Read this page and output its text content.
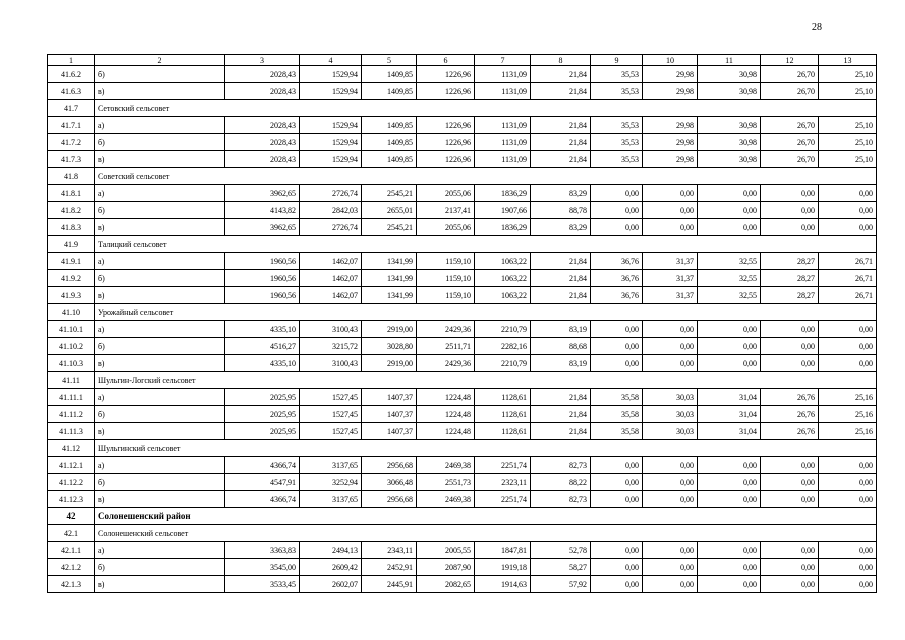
28
1	2	3	4	5	6	7	8	9	10	11	12	13
41.6.2	б)	2028,43	1529,94	1409,85	1226,96	1131,09	21,84	35,53	29,98	30,98	26,70	25,10
41.6.3	в)	2028,43	1529,94	1409,85	1226,96	1131,09	21,84	35,53	29,98	30,98	26,70	25,10
41.7	Сетовский сельсовет											
41.7.1	а)	2028,43	1529,94	1409,85	1226,96	1131,09	21,84	35,53	29,98	30,98	26,70	25,10
41.7.2	б)	2028,43	1529,94	1409,85	1226,96	1131,09	21,84	35,53	29,98	30,98	26,70	25,10
41.7.3	в)	2028,43	1529,94	1409,85	1226,96	1131,09	21,84	35,53	29,98	30,98	26,70	25,10
41.8	Советский сельсовет											
41.8.1	а)	3962,65	2726,74	2545,21	2055,06	1836,29	83,29	0,00	0,00	0,00	0,00	0,00
41.8.2	б)	4143,82	2842,03	2655,01	2137,41	1907,66	88,78	0,00	0,00	0,00	0,00	0,00
41.8.3	в)	3962,65	2726,74	2545,21	2055,06	1836,29	83,29	0,00	0,00	0,00	0,00	0,00
41.9	Талицкий сельсовет											
41.9.1	а)	1960,56	1462,07	1341,99	1159,10	1063,22	21,84	36,76	31,37	32,55	28,27	26,71
41.9.2	б)	1960,56	1462,07	1341,99	1159,10	1063,22	21,84	36,76	31,37	32,55	28,27	26,71
41.9.3	в)	1960,56	1462,07	1341,99	1159,10	1063,22	21,84	36,76	31,37	32,55	28,27	26,71
41.10	Урожайный сельсовет											
41.10.1	а)	4335,10	3100,43	2919,00	2429,36	2210,79	83,19	0,00	0,00	0,00	0,00	0,00
41.10.2	б)	4516,27	3215,72	3028,80	2511,71	2282,16	88,68	0,00	0,00	0,00	0,00	0,00
41.10.3	в)	4335,10	3100,43	2919,00	2429,36	2210,79	83,19	0,00	0,00	0,00	0,00	0,00
41.11	Шульгин-Логский сельсовет											
41.11.1	а)	2025,95	1527,45	1407,37	1224,48	1128,61	21,84	35,58	30,03	31,04	26,76	25,16
41.11.2	б)	2025,95	1527,45	1407,37	1224,48	1128,61	21,84	35,58	30,03	31,04	26,76	25,16
41.11.3	в)	2025,95	1527,45	1407,37	1224,48	1128,61	21,84	35,58	30,03	31,04	26,76	25,16
41.12	Шульгинский сельсовет											
41.12.1	а)	4366,74	3137,65	2956,68	2469,38	2251,74	82,73	0,00	0,00	0,00	0,00	0,00
41.12.2	б)	4547,91	3252,94	3066,48	2551,73	2323,11	88,22	0,00	0,00	0,00	0,00	0,00
41.12.3	в)	4366,74	3137,65	2956,68	2469,38	2251,74	82,73	0,00	0,00	0,00	0,00	0,00
42	Солонешенский район											
42.1	Солонешенский сельсовет											
42.1.1	а)	3363,83	2494,13	2343,11	2005,55	1847,81	52,78	0,00	0,00	0,00	0,00	0,00
42.1.2	б)	3545,00	2609,42	2452,91	2087,90	1919,18	58,27	0,00	0,00	0,00	0,00	0,00
42.1.3	в)	3533,45	2602,07	2445,91	2082,65	1914,63	57,92	0,00	0,00	0,00	0,00	0,00
